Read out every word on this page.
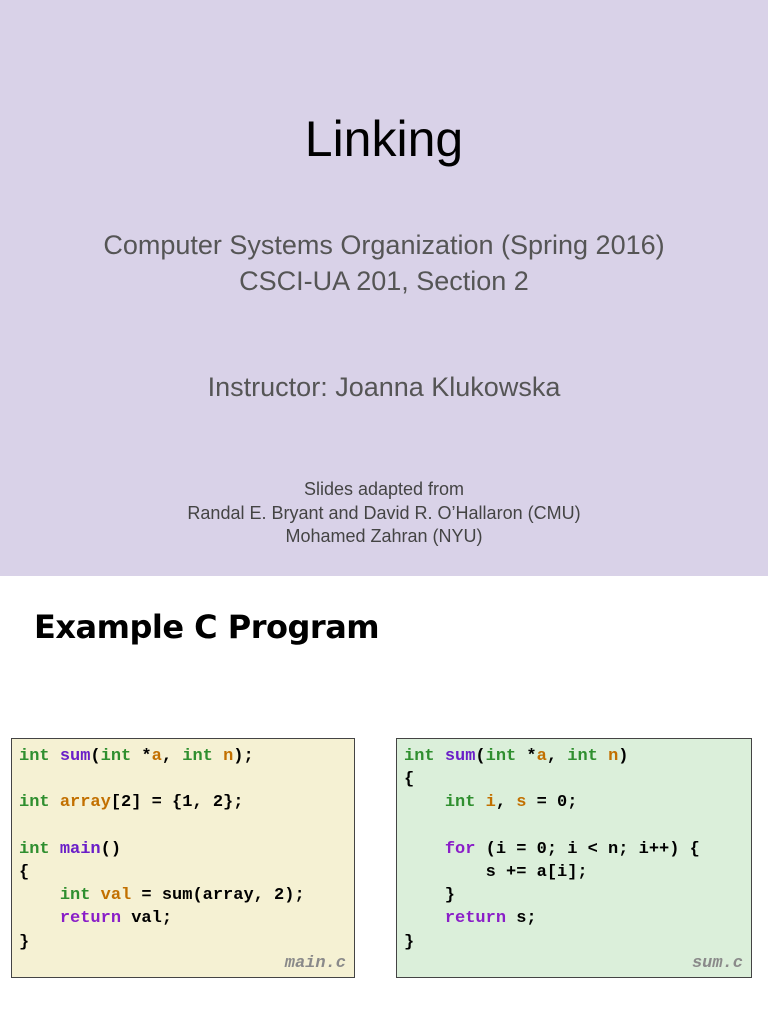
Linking
Computer Systems Organization (Spring 2016)
CSCI-UA 201, Section 2
Instructor: Joanna Klukowska
Slides adapted from
Randal E. Bryant and David R. O’Hallaron (CMU)
Mohamed Zahran (NYU)
Example C Program
int sum(int *a, int n);
int array[2] = {1, 2};
int main()
{
int val = sum(array, 2);
return val;
}
main.c
int sum(int *a, int n)
{
int i, s = 0;
for (i = 0; i < n; i++) {
s += a[i];
}
return s;
}
sum.c
